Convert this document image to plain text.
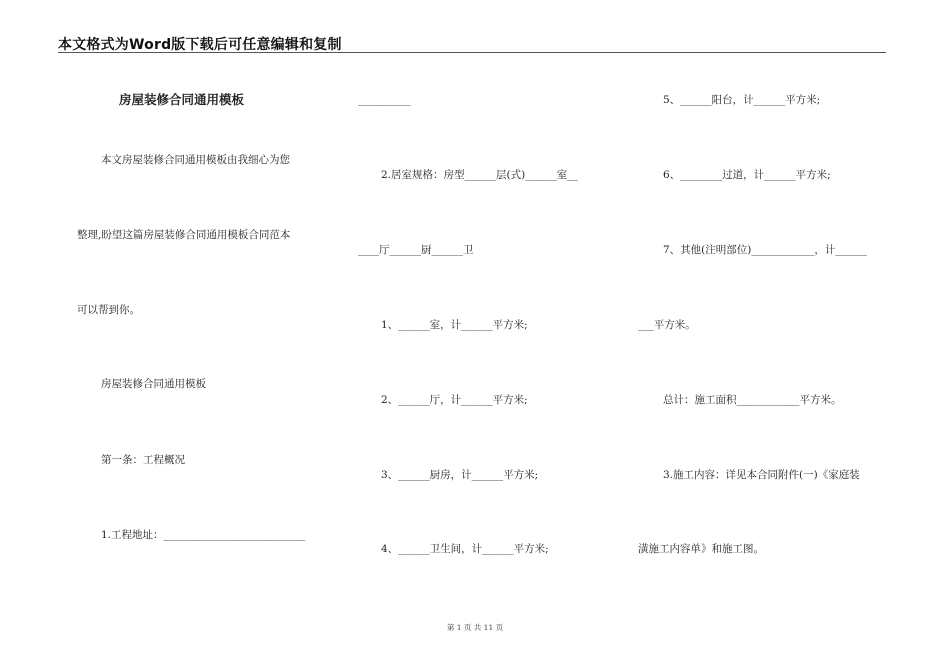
本文格式为Word版下载后可任意编辑和复制
房屋装修合同通用模板
本文房屋装修合同通用模板由我细心为您
整理,盼望这篇房屋装修合同通用模板合同范本
可以帮到你。
房屋装修合同通用模板
第一条：工程概况
1.工程地址：___________________________
__________
2.居室规格：房型______层(式)______室__
____厅______厨______卫
1、______室，计______平方米;
2、______厅，计______平方米;
3、______厨房，计______平方米;
4、______卫生间，计______平方米;
5、______阳台，计______平方米;
6、________过道，计______平方米;
7、其他(注明部位)____________，计______
___平方米。
总计：施工面积____________平方米。
3.施工内容：详见本合同附件(一)《家庭装
潢施工内容单》和施工图。
第 1 页 共 11 页
